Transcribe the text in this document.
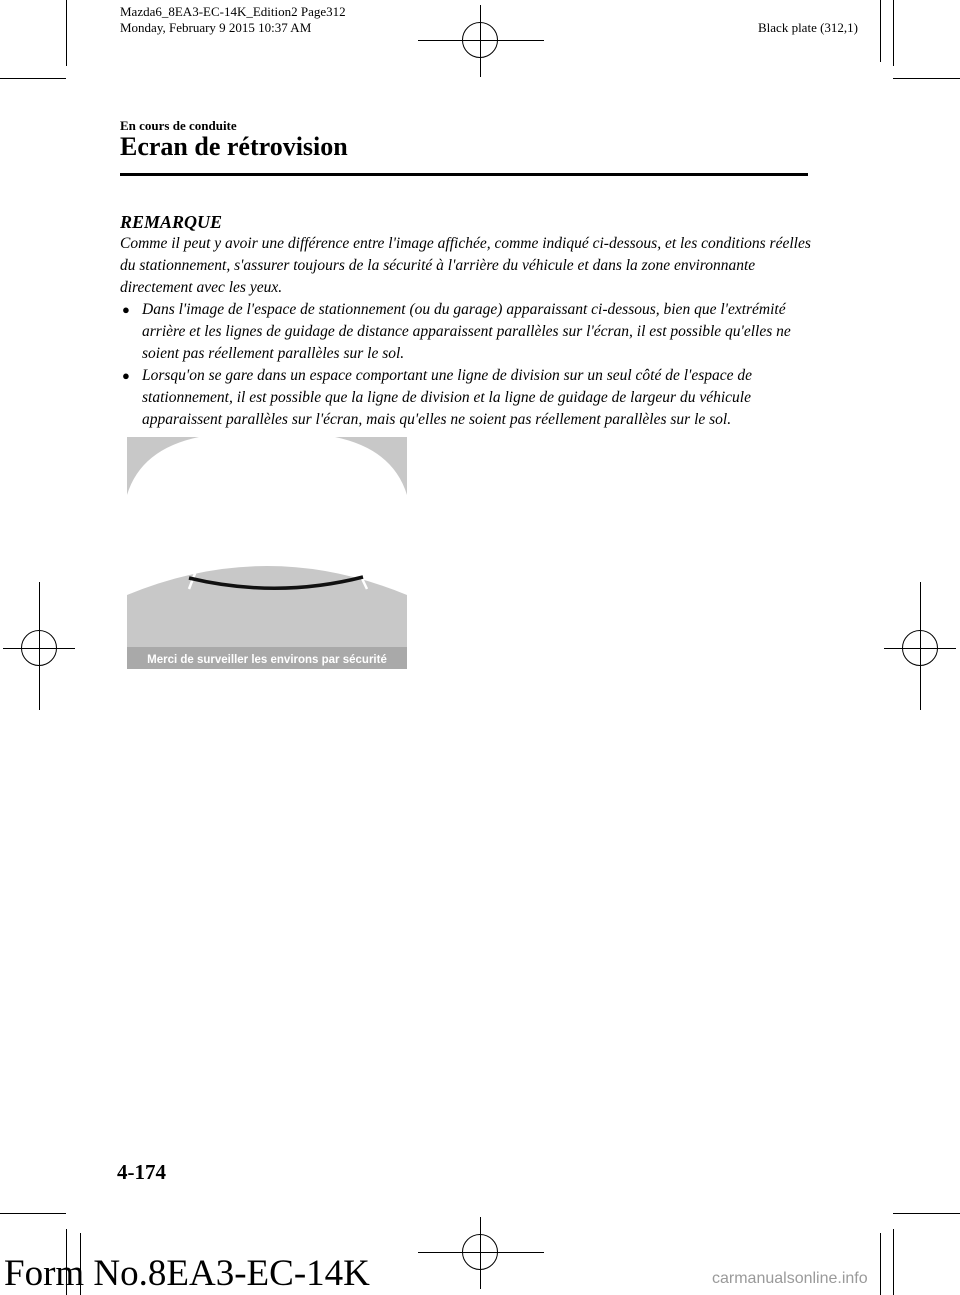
Mazda6_8EA3-EC-14K_Edition2 Page312
Monday, February 9 2015 10:37 AM	Black plate (312,1)
En cours de conduite
Ecran de rétrovision
REMARQUE

Comme il peut y avoir une différence entre l'image affichée, comme indiqué ci-dessous, et les conditions réelles du stationnement, s'assurer toujours de la sécurité à l'arrière du véhicule et dans la zone environnante directement avec les yeux.

● Dans l'image de l'espace de stationnement (ou du garage) apparaissant ci-dessous, bien que l'extrémité arrière et les lignes de guidage de distance apparaissent parallèles sur l'écran, il est possible qu'elles ne soient pas réellement parallèles sur le sol.
● Lorsqu'on se gare dans un espace comportant une ligne de division sur un seul côté de l'espace de stationnement, il est possible que la ligne de division et la ligne de guidage de largeur du véhicule apparaissent parallèles sur l'écran, mais qu'elles ne soient pas réellement parallèles sur le sol.
Merci de surveiller les environs par sécurité
4-174
Form No.8EA3-EC-14K	carmanualsonline.info
